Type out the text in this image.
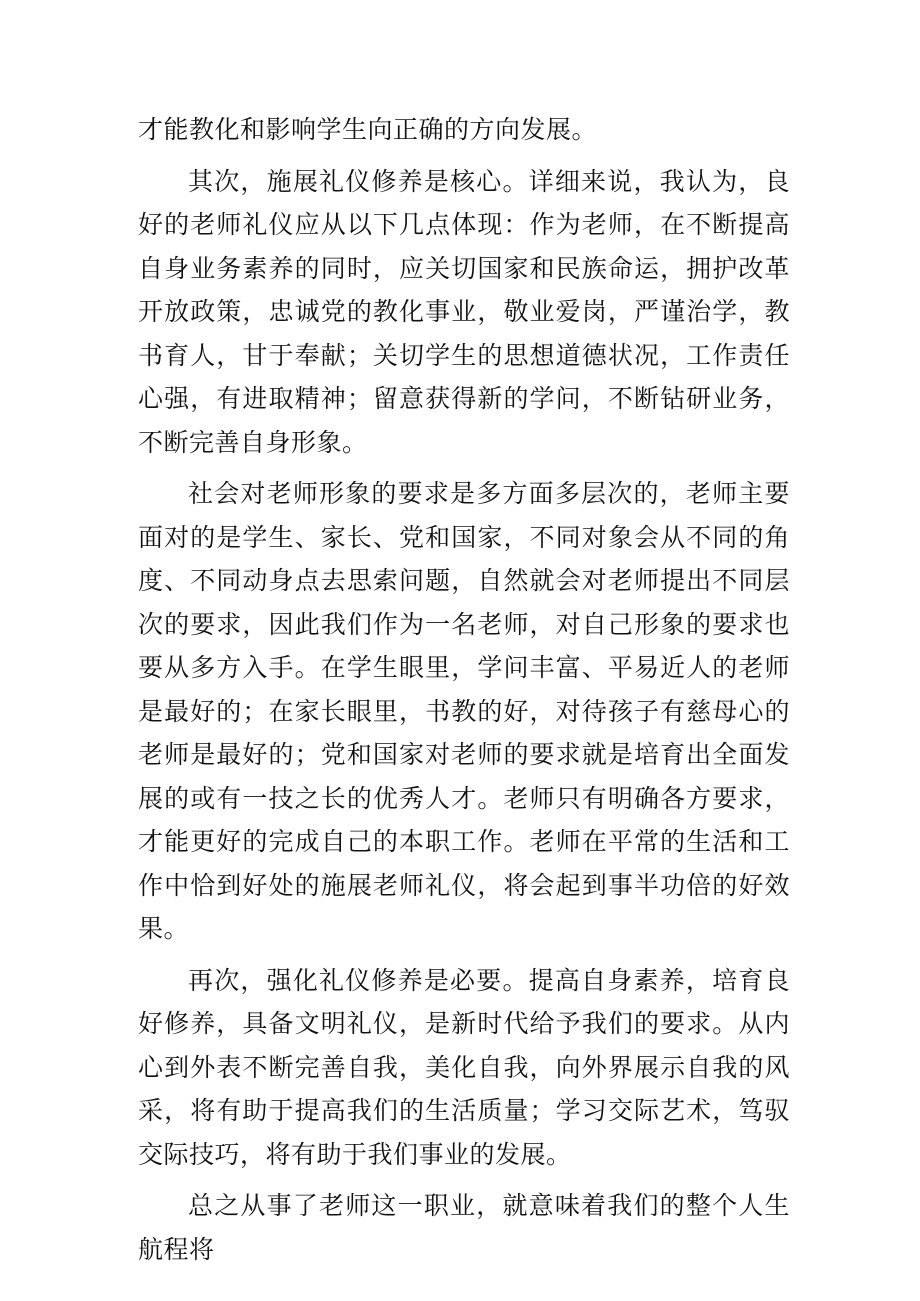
才能教化和影响学生向正确的方向发展。

其次，施展礼仪修养是核心。详细来说，我认为，良好的老师礼仪应从以下几点体现：作为老师，在不断提高自身业务素养的同时，应关切国家和民族命运，拥护改革开放政策，忠诚党的教化事业，敬业爱岗，严谨治学，教书育人，甘于奉献；关切学生的思想道德状况，工作责任心强，有进取精神；留意获得新的学问，不断钻研业务，不断完善自身形象。

社会对老师形象的要求是多方面多层次的，老师主要面对的是学生、家长、党和国家，不同对象会从不同的角度、不同动身点去思索问题，自然就会对老师提出不同层次的要求，因此我们作为一名老师，对自己形象的要求也要从多方入手。在学生眼里，学问丰富、平易近人的老师是最好的；在家长眼里，书教的好，对待孩子有慈母心的老师是最好的；党和国家对老师的要求就是培育出全面发展的或有一技之长的优秀人才。老师只有明确各方要求，才能更好的完成自己的本职工作。老师在平常的生活和工作中恰到好处的施展老师礼仪，将会起到事半功倍的好效果。

再次，强化礼仪修养是必要。提高自身素养，培育良好修养，具备文明礼仪，是新时代给予我们的要求。从内心到外表不断完善自我，美化自我，向外界展示自我的风采，将有助于提高我们的生活质量；学习交际艺术，笃驭交际技巧，将有助于我们事业的发展。

总之从事了老师这一职业，就意味着我们的整个人生航程将
